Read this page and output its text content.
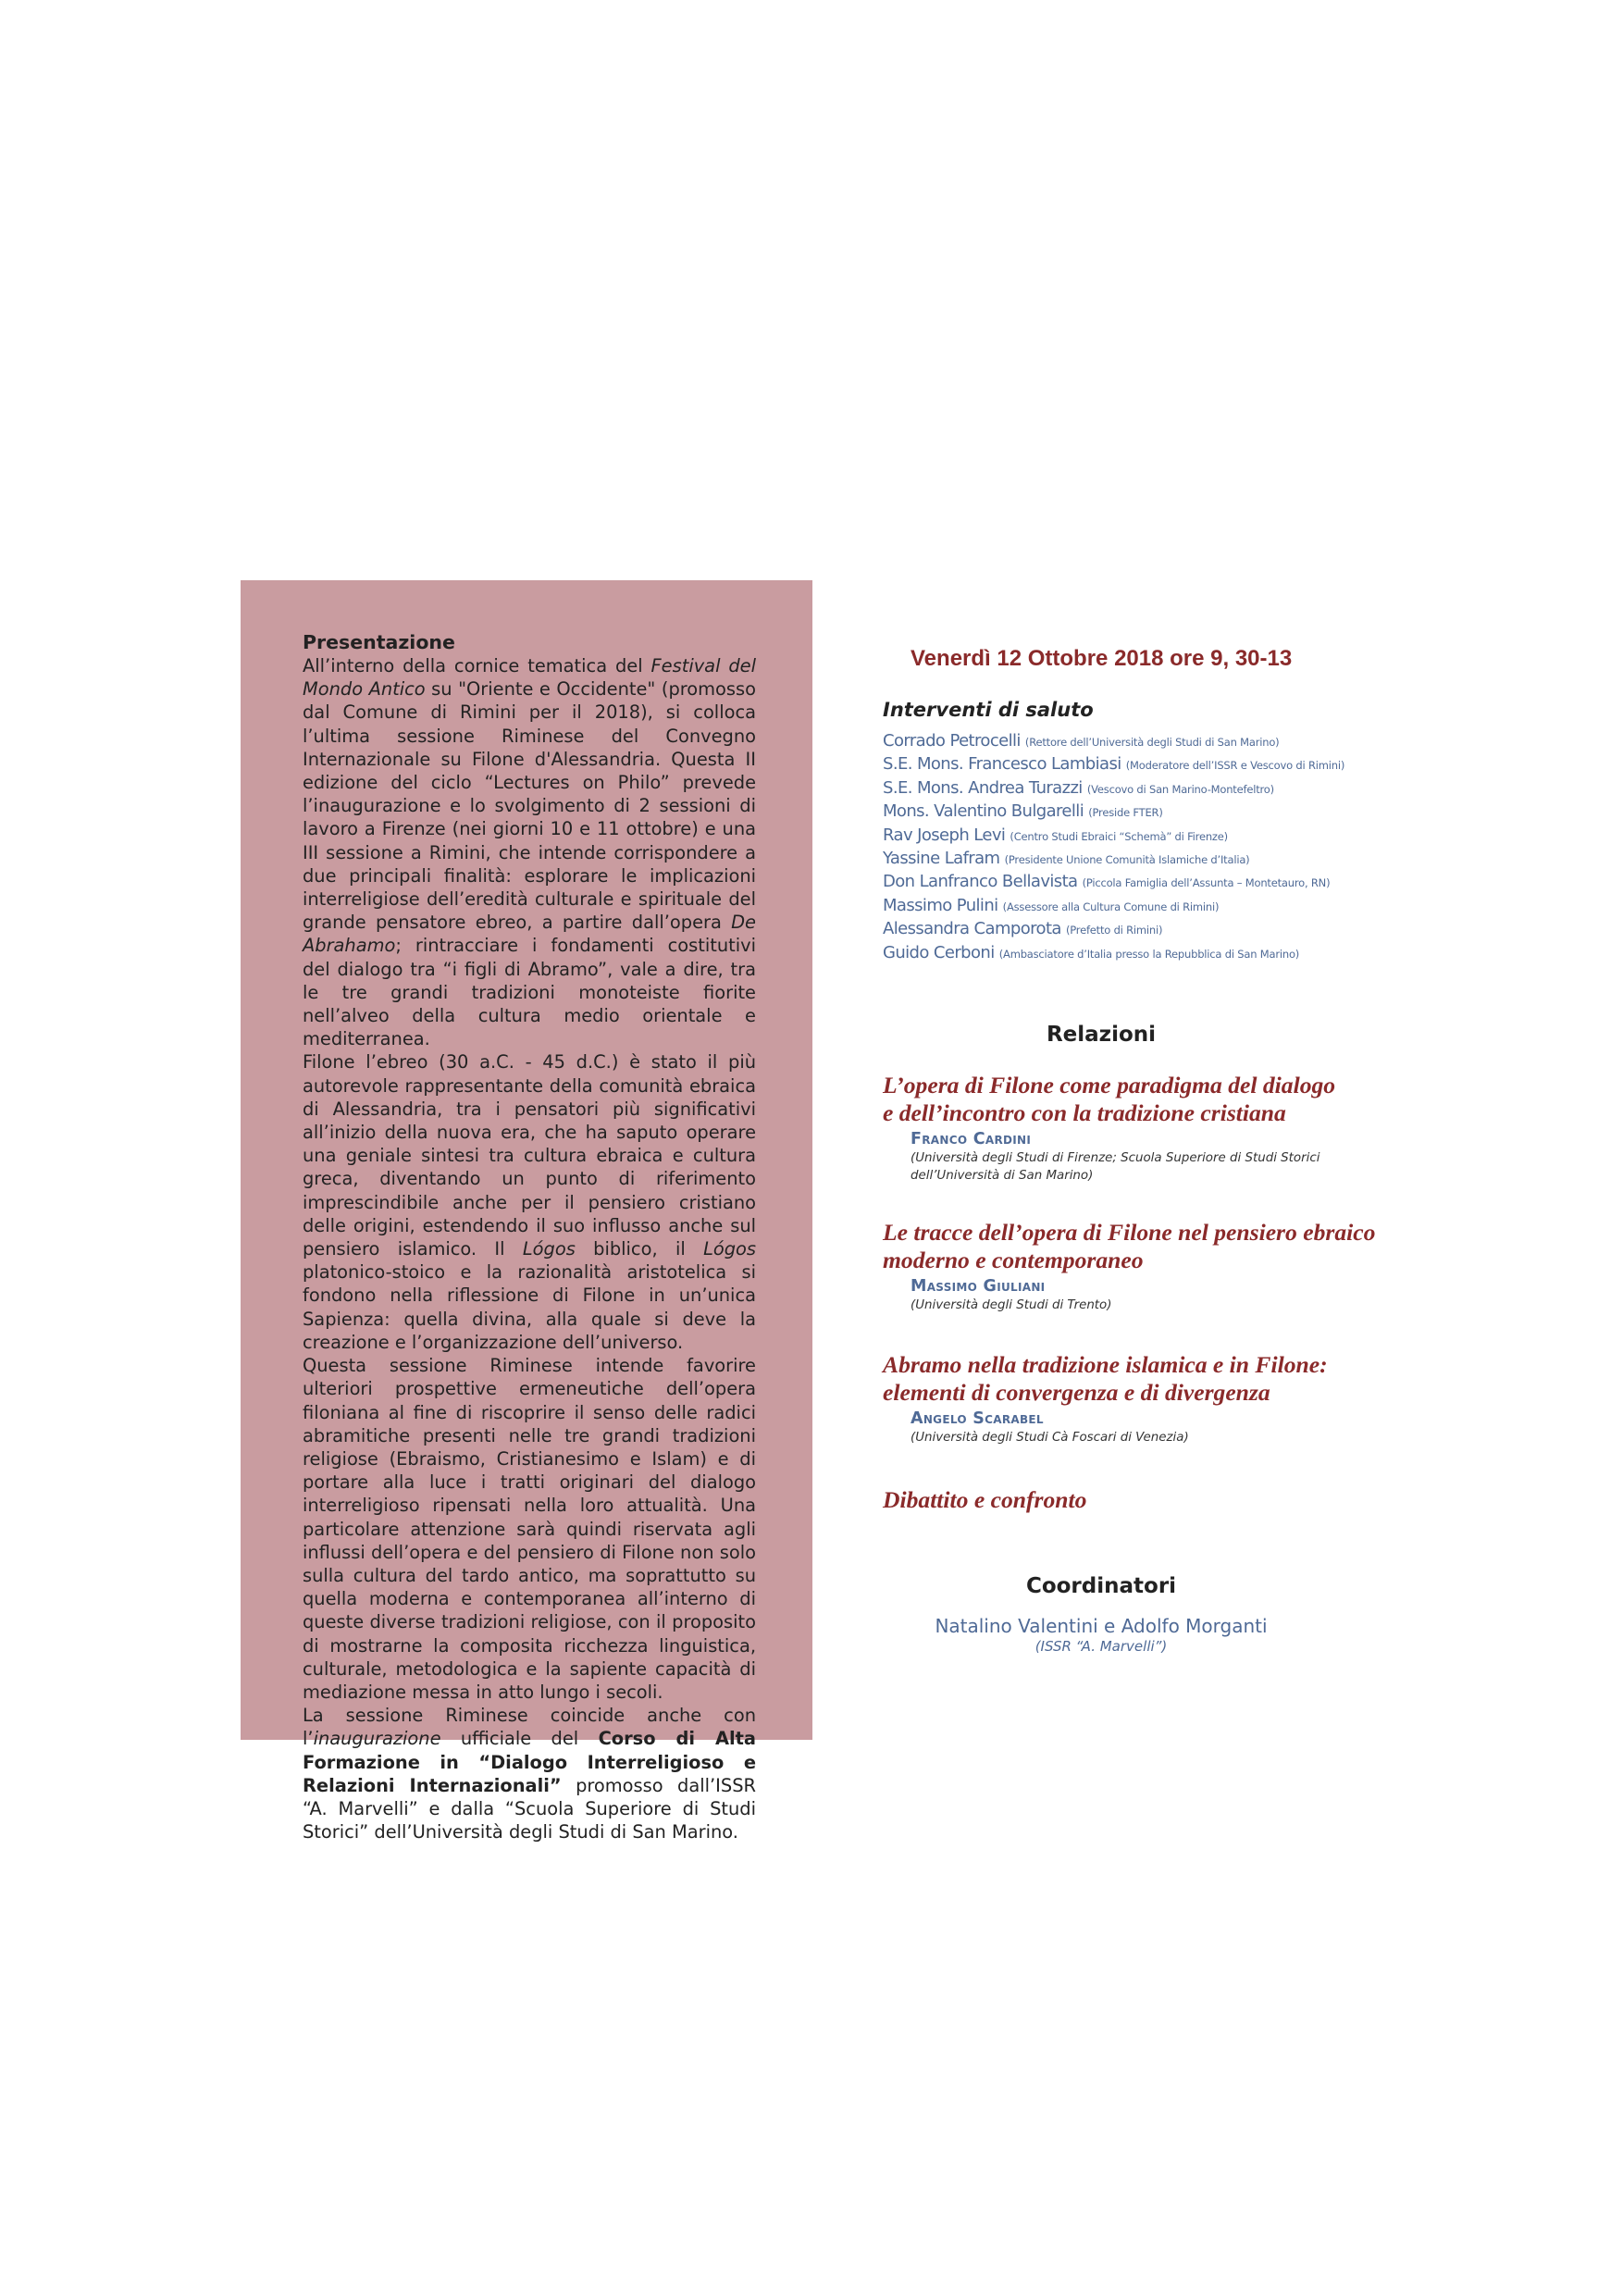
Presentazione

All’interno della cornice tematica del Festival del Mondo Antico su "Oriente e Occidente" (promosso dal Comune di Rimini per il 2018), si colloca l’ultima sessione Riminese del Convegno Internazionale su Filone d'Alessandria. Questa II edizione del ciclo “Lectures on Philo” prevede l’inaugurazione e lo svolgimento di 2 sessioni di lavoro a Firenze (nei giorni 10 e 11 ottobre) e una III sessione a Rimini, che intende corrispondere a due principali finalità: esplorare le implicazioni interreligiose dell’eredità culturale e spirituale del grande pensatore ebreo, a partire dall’opera De Abrahamo; rintracciare i fondamenti costitutivi del dialogo tra “i figli di Abramo”, vale a dire, tra le tre grandi tradizioni monoteiste fiorite nell’alveo della cultura medio orientale e mediterranea.

Filone l’ebreo (30 a.C. - 45 d.C.) è stato il più autorevole rappresentante della comunità ebraica di Alessandria, tra i pensatori più significativi all’inizio della nuova era, che ha saputo operare una geniale sintesi tra cultura ebraica e cultura greca, diventando un punto di riferimento imprescindibile anche per il pensiero cristiano delle origini, estendendo il suo influsso anche sul pensiero islamico. Il Lógos biblico, il Lógos platonico-stoico e la razionalità aristotelica si fondono nella riflessione di Filone in un’unica Sapienza: quella divina, alla quale si deve la creazione e l’organizzazione dell’universo.

Questa sessione Riminese intende favorire ulteriori prospettive ermeneutiche dell’opera filoniana al fine di riscoprire il senso delle radici abramitiche presenti nelle tre grandi tradizioni religiose (Ebraismo, Cristianesimo e Islam) e di portare alla luce i tratti originari del dialogo interreligioso ripensati nella loro attualità. Una particolare attenzione sarà quindi riservata agli influssi dell’opera e del pensiero di Filone non solo sulla cultura del tardo antico, ma soprattutto su quella moderna e contemporanea all’interno di queste diverse tradizioni religiose, con il proposito di mostrarne la composita ricchezza linguistica, culturale, metodologica e la sapiente capacità di mediazione messa in atto lungo i secoli.

La sessione Riminese coincide anche con l’inaugurazione ufficiale del Corso di Alta Formazione in “Dialogo Interreligioso e Relazioni Internazionali” promosso dall’ISSR “A. Marvelli” e dalla “Scuola Superiore di Studi Storici” dell’Università degli Studi di San Marino.

Venerdì 12 Ottobre 2018 ore 9, 30-13
Interventi di saluto
Corrado Petrocelli (Rettore dell’Università degli Studi di San Marino)
S.E. Mons. Francesco Lambiasi (Moderatore dell’ISSR e Vescovo di Rimini)
S.E. Mons. Andrea Turazzi (Vescovo di San Marino-Montefeltro)
Mons. Valentino Bulgarelli (Preside FTER)
Rav Joseph Levi (Centro Studi Ebraici “Schemà” di Firenze)
Yassine Lafram (Presidente Unione Comunità Islamiche d’Italia)
Don Lanfranco Bellavista (Piccola Famiglia dell’Assunta – Montetauro, RN)
Massimo Pulini (Assessore alla Cultura Comune di Rimini)
Alessandra Camporota (Prefetto di Rimini)
Guido Cerboni (Ambasciatore d’Italia presso la Repubblica di San Marino)
Relazioni
L’opera di Filone come paradigma del dialogo
e dell’incontro con la tradizione cristiana
Franco Cardini
(Università degli Studi di Firenze; Scuola Superiore di Studi Storici
dell’Università di San Marino)
Le tracce dell’opera di Filone nel pensiero ebraico
moderno e contemporaneo
Massimo Giuliani
(Università degli Studi di Trento)
Abramo nella tradizione islamica e in Filone:
elementi di convergenza e di divergenza
Angelo Scarabel
(Università degli Studi Cà Foscari di Venezia)
Dibattito e confronto
Coordinatori
Natalino Valentini e Adolfo Morganti
(ISSR “A. Marvelli”)
